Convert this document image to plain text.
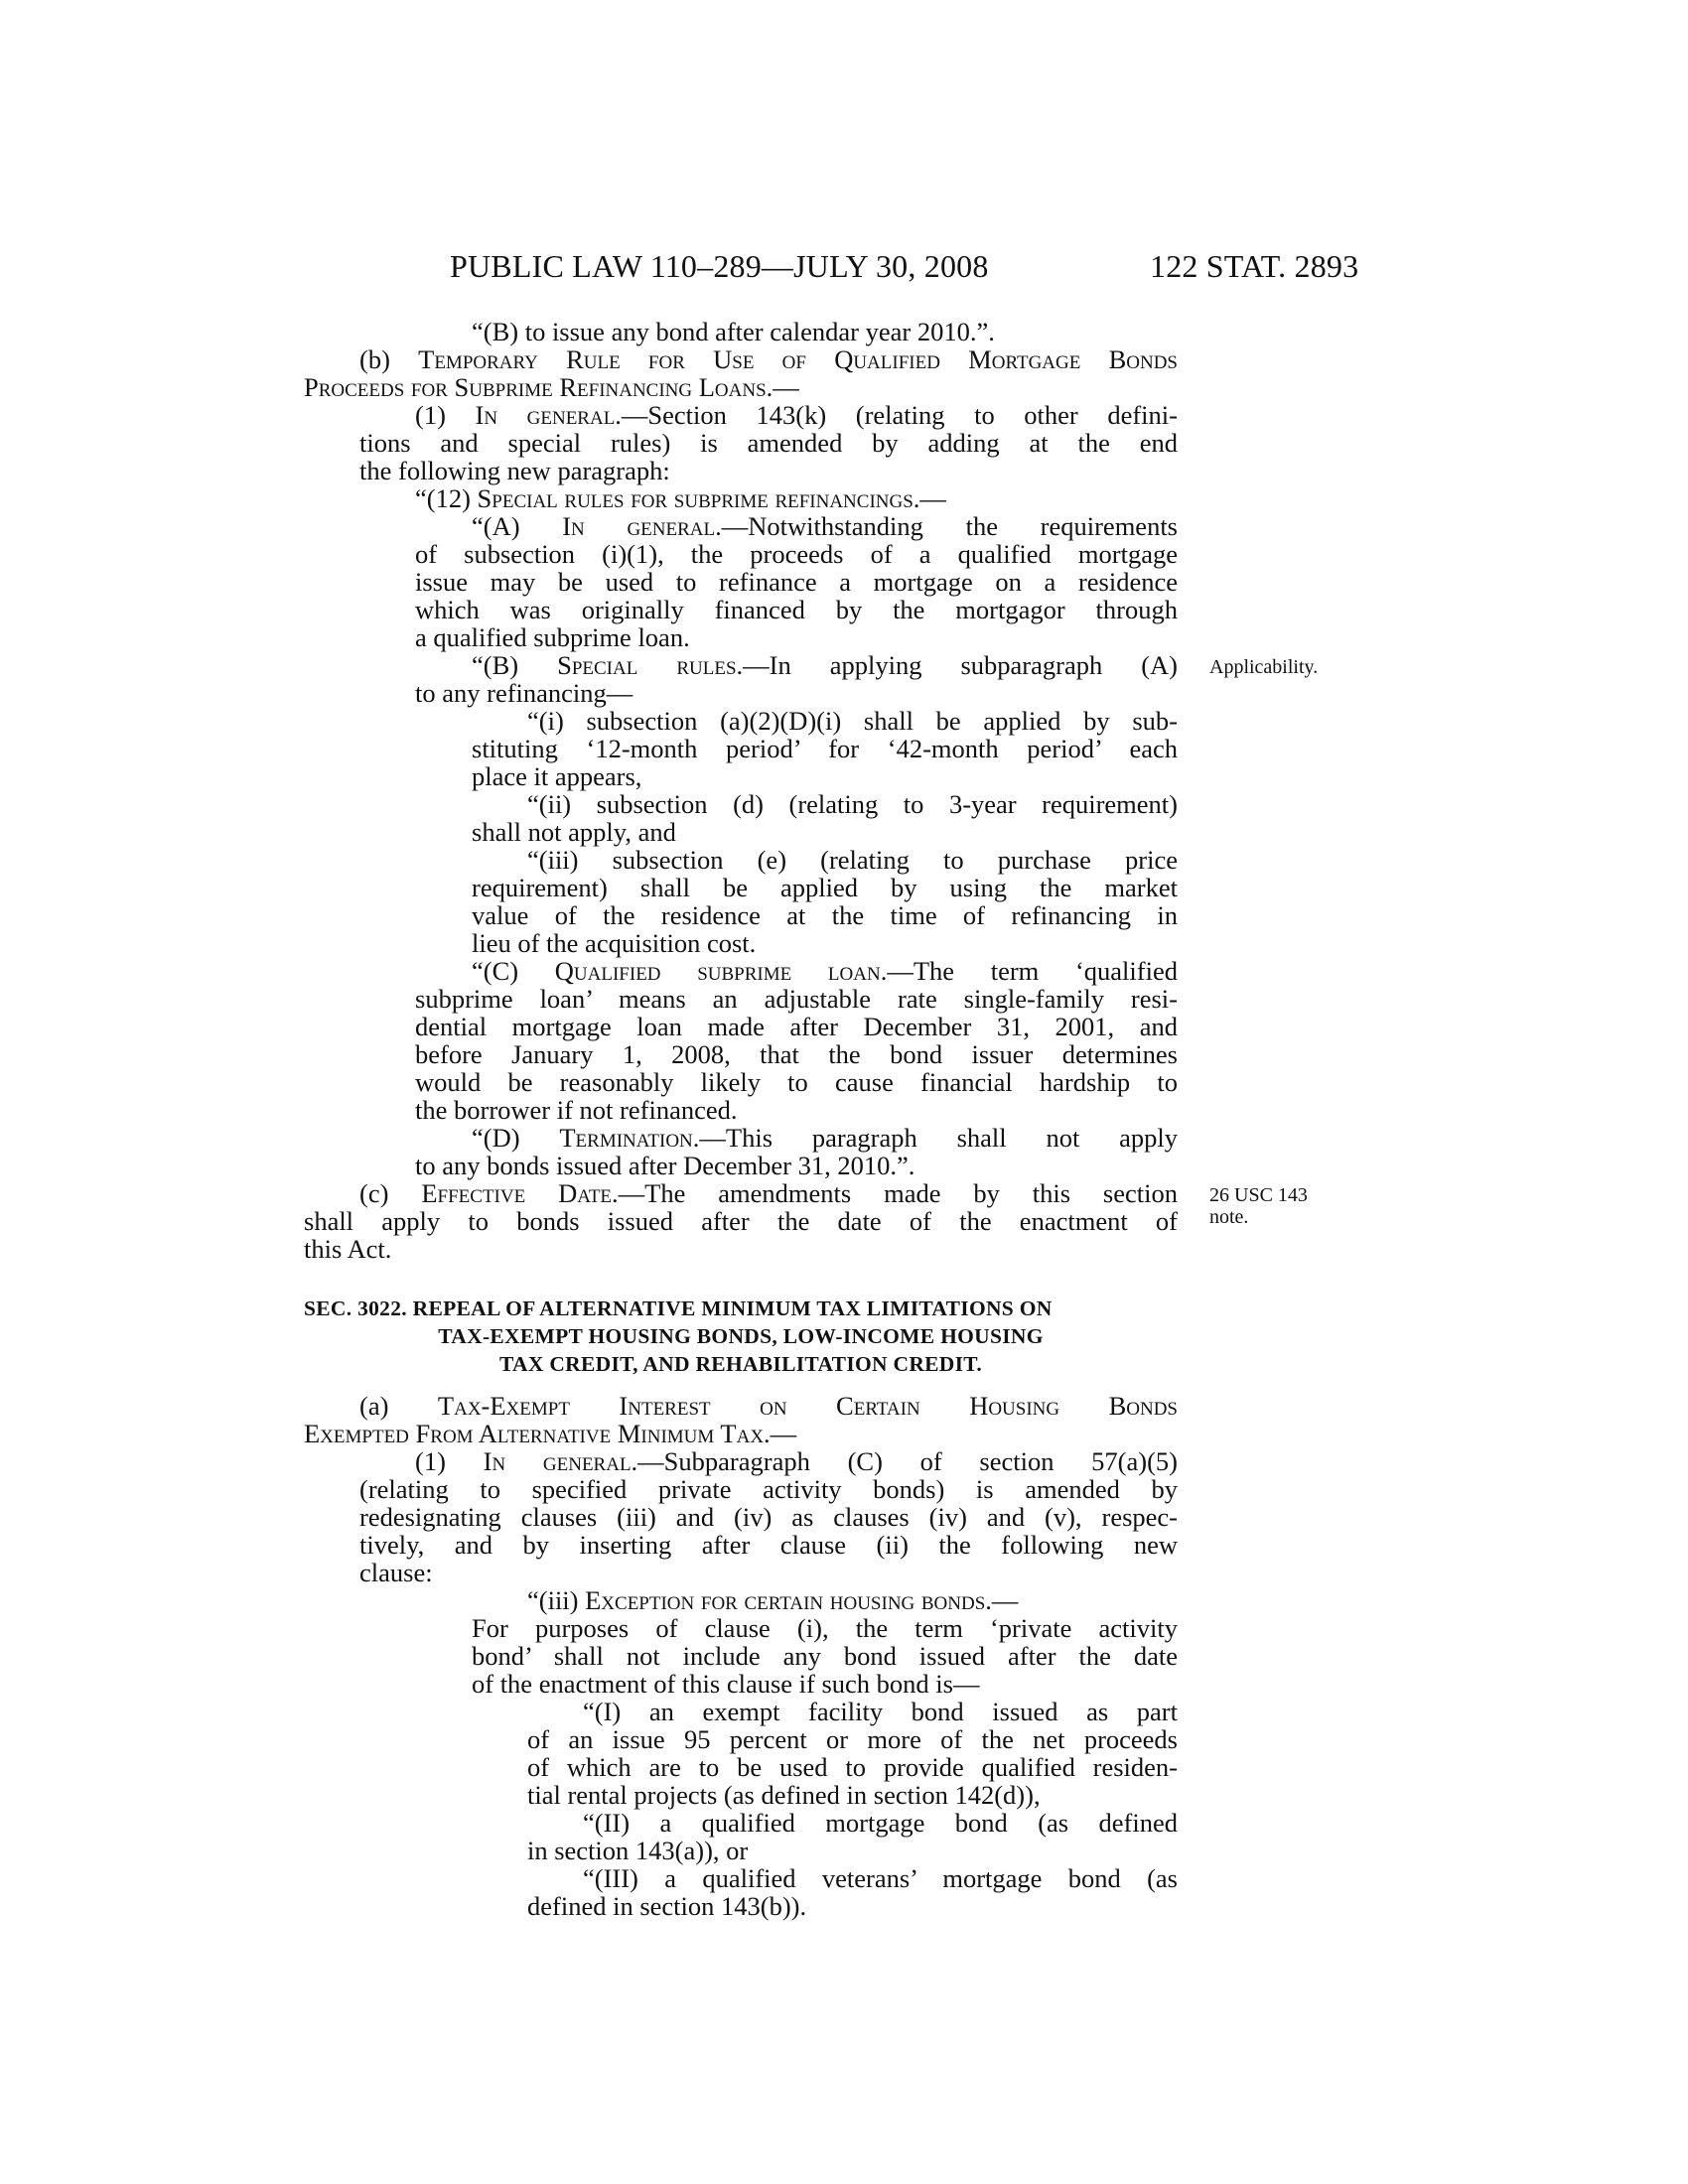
PUBLIC LAW 110–289—JULY 30, 2008	122 STAT. 2893
“(B) to issue any bond after calendar year 2010.”.
(b) Temporary Rule for Use of Qualified Mortgage Bonds
Proceeds for Subprime Refinancing Loans.—
(1) In general.—Section 143(k) (relating to other defini-
tions and special rules) is amended by adding at the end
the following new paragraph:
“(12) Special rules for subprime refinancings.—
“(A) In general.—Notwithstanding the requirements
of subsection (i)(1), the proceeds of a qualified mortgage
issue may be used to refinance a mortgage on a residence
which was originally financed by the mortgagor through
a qualified subprime loan.
“(B) Special rules.—In applying subparagraph (A)
to any refinancing—
“(i) subsection (a)(2)(D)(i) shall be applied by sub-
stituting ‘12-month period’ for ‘42-month period’ each
place it appears,
“(ii) subsection (d) (relating to 3-year requirement)
shall not apply, and
“(iii) subsection (e) (relating to purchase price
requirement) shall be applied by using the market
value of the residence at the time of refinancing in
lieu of the acquisition cost.
“(C) Qualified subprime loan.—The term ‘qualified
subprime loan’ means an adjustable rate single-family resi-
dential mortgage loan made after December 31, 2001, and
before January 1, 2008, that the bond issuer determines
would be reasonably likely to cause financial hardship to
the borrower if not refinanced.
“(D) Termination.—This paragraph shall not apply
to any bonds issued after December 31, 2010.”.
(c) Effective Date.—The amendments made by this section
shall apply to bonds issued after the date of the enactment of
this Act.
SEC. 3022. REPEAL OF ALTERNATIVE MINIMUM TAX LIMITATIONS ON
TAX-EXEMPT HOUSING BONDS, LOW-INCOME HOUSING
TAX CREDIT, AND REHABILITATION CREDIT.
(a) Tax-Exempt Interest on Certain Housing Bonds
Exempted From Alternative Minimum Tax.—
(1) In general.—Subparagraph (C) of section 57(a)(5)
(relating to specified private activity bonds) is amended by
redesignating clauses (iii) and (iv) as clauses (iv) and (v), respec-
tively, and by inserting after clause (ii) the following new
clause:
“(iii) Exception for certain housing bonds.—
For purposes of clause (i), the term ‘private activity
bond’ shall not include any bond issued after the date
of the enactment of this clause if such bond is—
“(I) an exempt facility bond issued as part
of an issue 95 percent or more of the net proceeds
of which are to be used to provide qualified residen-
tial rental projects (as defined in section 142(d)),
“(II) a qualified mortgage bond (as defined
in section 143(a)), or
“(III) a qualified veterans’ mortgage bond (as
defined in section 143(b)).
Applicability.
26 USC 143
note.
